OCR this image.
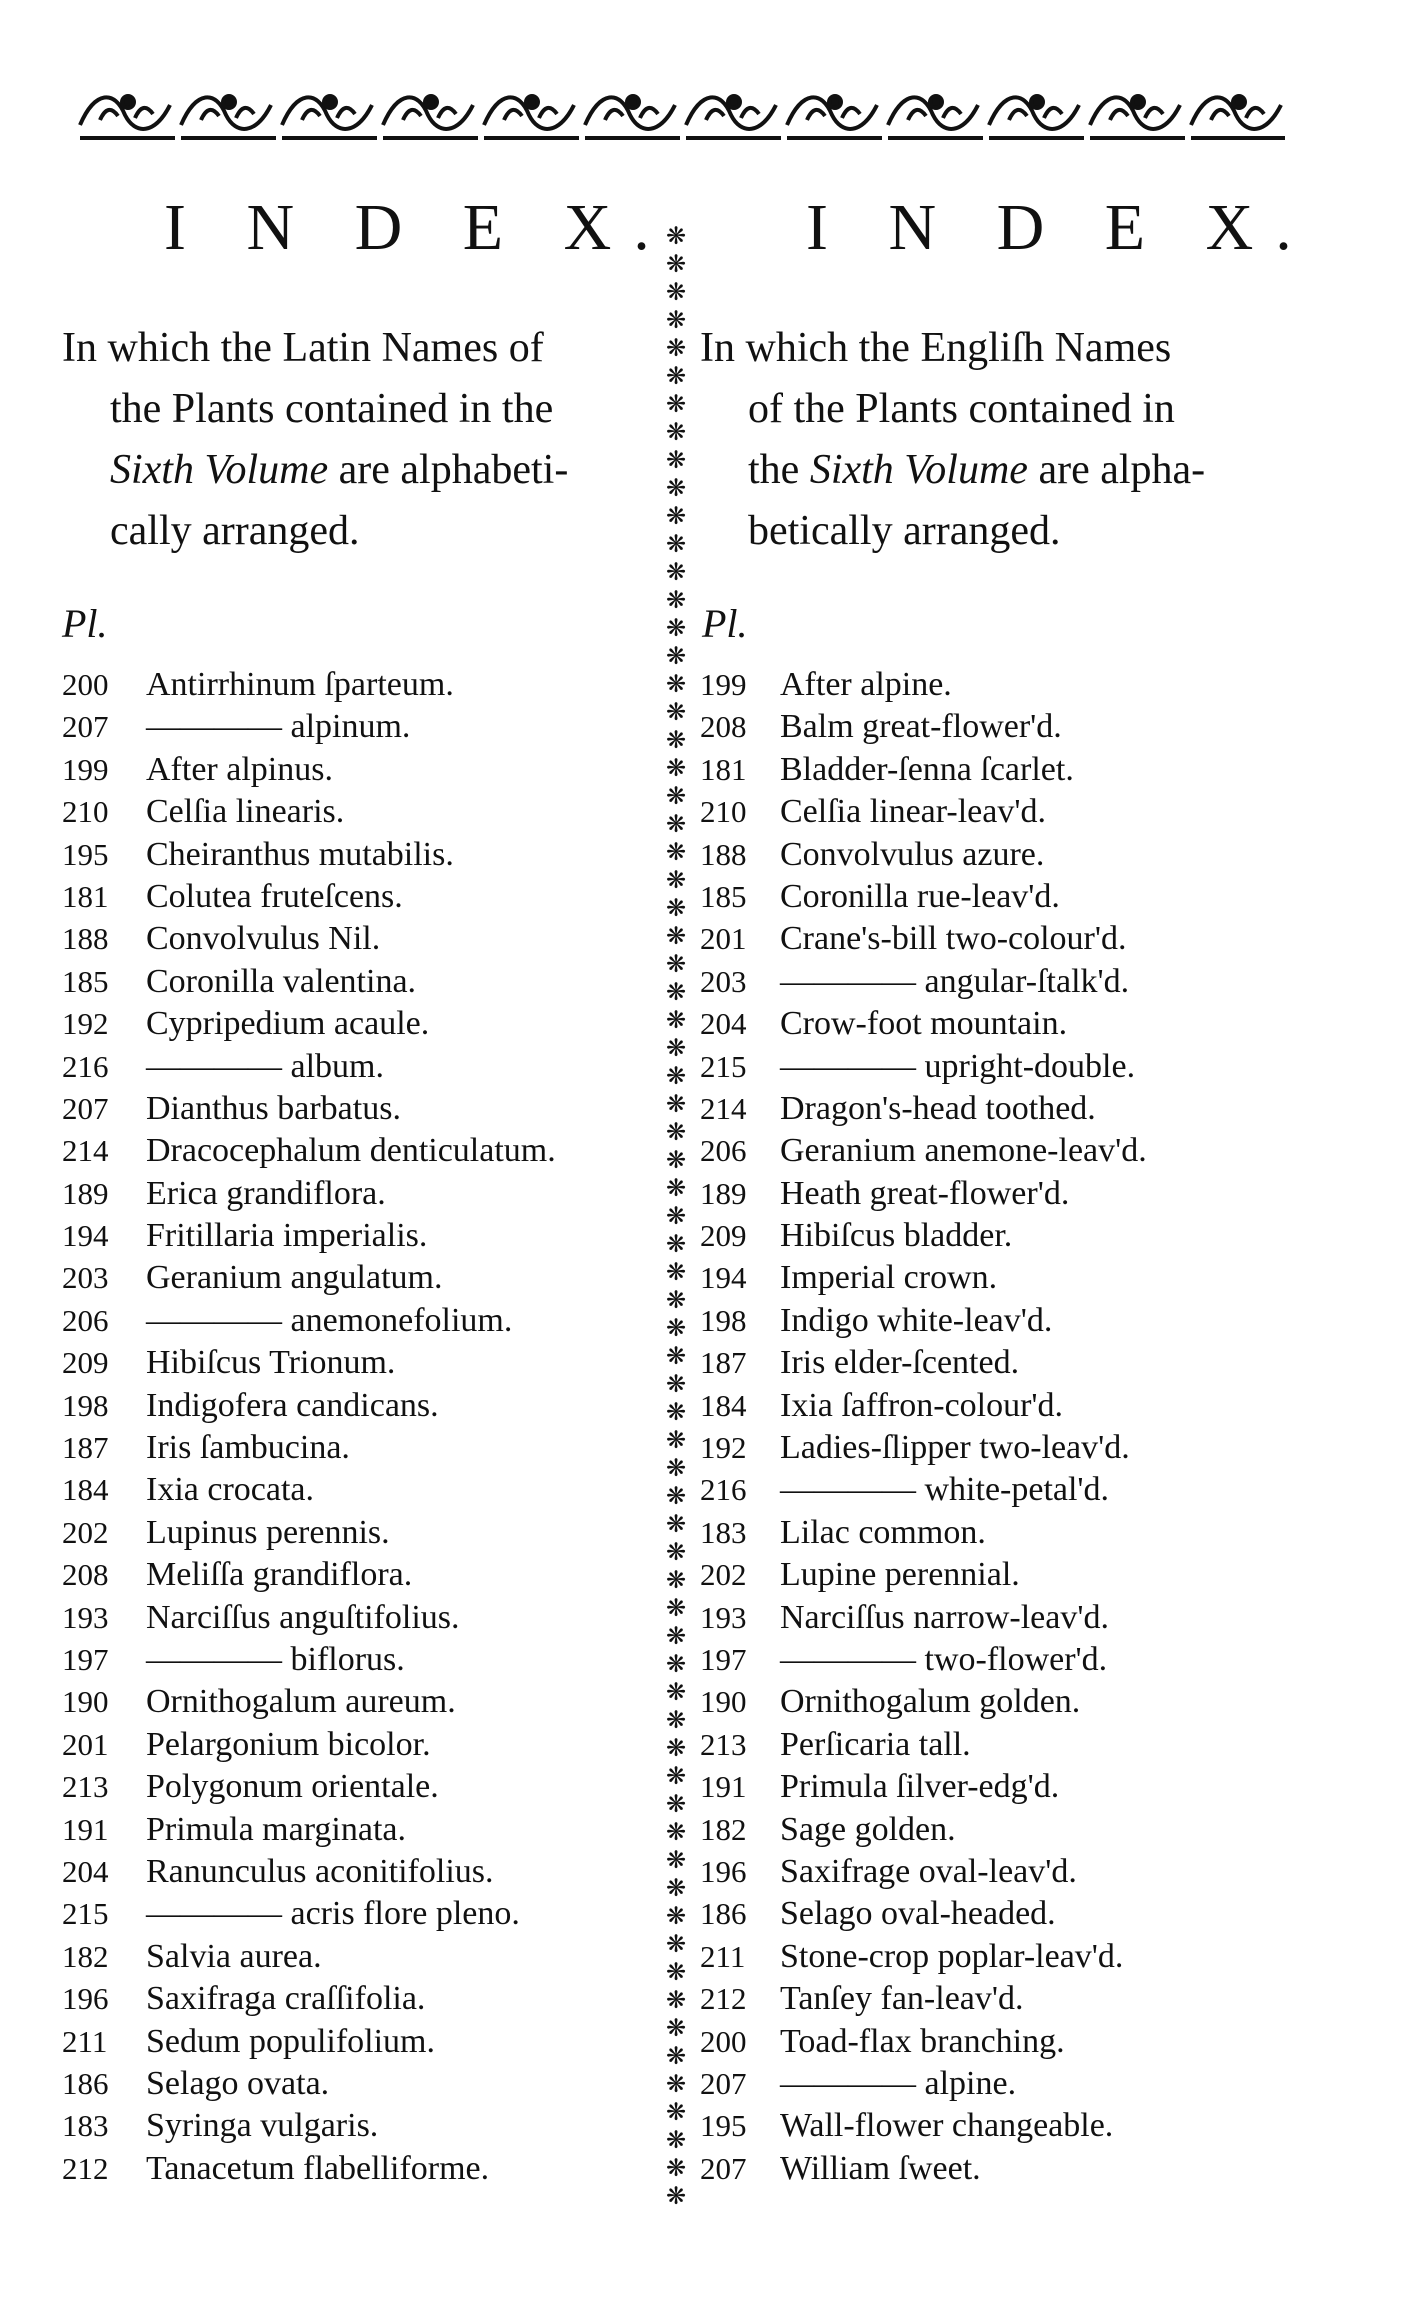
❋
❋
❋
❋
❋
❋
❋
❋
❋
❋
❋
❋
❋
❋
❋
❋
❋
❋
❋
❋
❋
❋
❋
❋
❋
❋
❋
❋
❋
❋
❋
❋
❋
❋
❋
❋
❋
❋
❋
❋
❋
❋
❋
❋
❋
❋
❋
❋
❋
❋
❋
❋
❋
❋
❋
❋
❋
❋
❋
❋
❋
❋
❋
❋
❋
❋
❋
❋
❋
❋
❋
I N D E X.
In which the Latin Names of
the Plants contained in the
Sixth Volume are alphabeti-
cally arranged.
Pl.
200	Antirrhinum ſparteum.
207	———— alpinum.
199	After alpinus.
210	Celſia linearis.
195	Cheiranthus mutabilis.
181	Colutea fruteſcens.
188	Convolvulus Nil.
185	Coronilla valentina.
192	Cypripedium acaule.
216	———— album.
207	Dianthus barbatus.
214	Dracocephalum denticulatum.
189	Erica grandiflora.
194	Fritillaria imperialis.
203	Geranium angulatum.
206	———— anemonefolium.
209	Hibiſcus Trionum.
198	Indigofera candicans.
187	Iris ſambucina.
184	Ixia crocata.
202	Lupinus perennis.
208	Meliſſa grandiflora.
193	Narciſſus anguſtifolius.
197	———— biflorus.
190	Ornithogalum aureum.
201	Pelargonium bicolor.
213	Polygonum orientale.
191	Primula marginata.
204	Ranunculus aconitifolius.
215	———— acris flore pleno.
182	Salvia aurea.
196	Saxifraga craſſifolia.
211	Sedum populifolium.
186	Selago ovata.
183	Syringa vulgaris.
212	Tanacetum flabelliforme.
I N D E X.
In which the Engliſh Names
of the Plants contained in
the Sixth Volume are alpha-
betically arranged.
Pl.
199 After alpine.
208 Balm great-flower'd.
181 Bladder-ſenna ſcarlet.
210 Celſia linear-leav'd.
188 Convolvulus azure.
185 Coronilla rue-leav'd.
201 Crane's-bill two-colour'd.
203 ———— angular-ſtalk'd.
204 Crow-foot mountain.
215 ———— upright-double.
214 Dragon's-head toothed.
206 Geranium anemone-leav'd.
189 Heath great-flower'd.
209 Hibiſcus bladder.
194 Imperial crown.
198 Indigo white-leav'd.
187 Iris elder-ſcented.
184 Ixia ſaffron-colour'd.
192 Ladies-ſlipper two-leav'd.
216 ———— white-petal'd.
183 Lilac common.
202 Lupine perennial.
193 Narciſſus narrow-leav'd.
197 ———— two-flower'd.
190 Ornithogalum golden.
213 Perſicaria tall.
191 Primula ſilver-edg'd.
182 Sage golden.
196 Saxifrage oval-leav'd.
186 Selago oval-headed.
211	Stone-crop poplar-leav'd.
212 Tanſey fan-leav'd.
200 Toad-flax branching.
207 ———— alpine.
195 Wall-flower changeable.
207 William ſweet.
